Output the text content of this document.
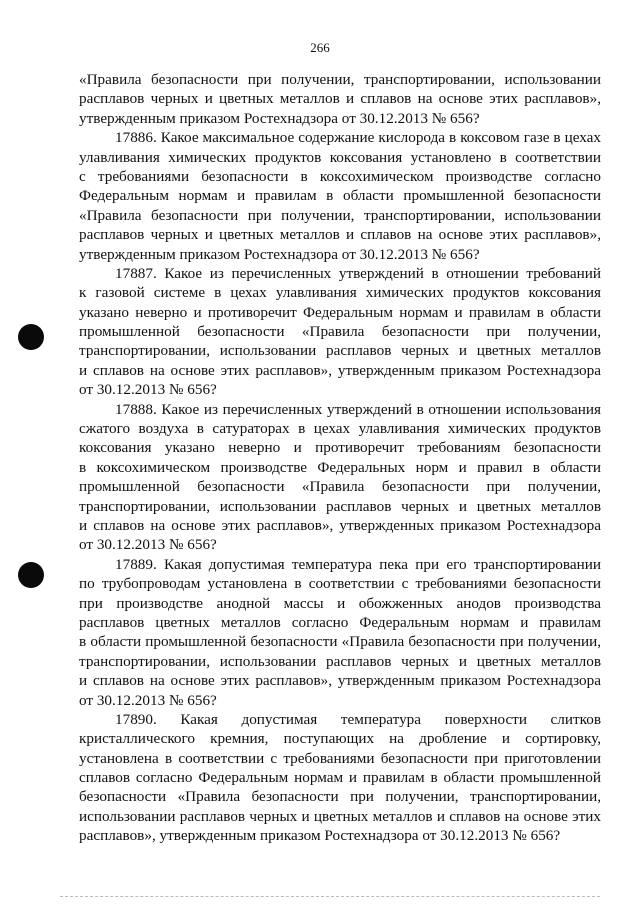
266
«Правила безопасности при получении, транспортировании, использовании
расплавов черных и цветных металлов и сплавов на основе этих расплавов»,
утвержденным приказом Ростехнадзора от 30.12.2013 № 656?
17886. Какое максимальное содержание кислорода в коксовом газе в цехах
улавливания химических продуктов коксования установлено в соответствии
с требованиями безопасности в коксохимическом производстве согласно
Федеральным нормам и правилам в области промышленной безопасности
«Правила безопасности при получении, транспортировании, использовании
расплавов черных и цветных металлов и сплавов на основе этих расплавов»,
утвержденным приказом Ростехнадзора от 30.12.2013 № 656?
17887. Какое из перечисленных утверждений в отношении требований
к газовой системе в цехах улавливания химических продуктов коксования
указано неверно и противоречит Федеральным нормам и правилам в области
промышленной безопасности «Правила безопасности при получении,
транспортировании, использовании расплавов черных и цветных металлов
и сплавов на основе этих расплавов», утвержденным приказом Ростехнадзора
от 30.12.2013 № 656?
17888. Какое из перечисленных утверждений в отношении использования
сжатого воздуха в сатураторах в цехах улавливания химических продуктов
коксования указано неверно и противоречит требованиям безопасности
в коксохимическом производстве Федеральных норм и правил в области
промышленной безопасности «Правила безопасности при получении,
транспортировании, использовании расплавов черных и цветных металлов
и сплавов на основе этих расплавов», утвержденных приказом Ростехнадзора
от 30.12.2013 № 656?
17889. Какая допустимая температура пека при его транспортировании
по трубопроводам установлена в соответствии с требованиями безопасности
при производстве анодной массы и обожженных анодов производства
расплавов цветных металлов согласно Федеральным нормам и правилам
в области промышленной безопасности «Правила безопасности при получении,
транспортировании, использовании расплавов черных и цветных металлов
и сплавов на основе этих расплавов», утвержденным приказом Ростехнадзора
от 30.12.2013 № 656?
17890. Какая допустимая температура поверхности слитков
кристаллического кремния, поступающих на дробление и сортировку,
установлена в соответствии с требованиями безопасности при приготовлении
сплавов согласно Федеральным нормам и правилам в области промышленной
безопасности «Правила безопасности при получении, транспортировании,
использовании расплавов черных и цветных металлов и сплавов на основе этих
расплавов», утвержденным приказом Ростехнадзора от 30.12.2013 № 656?
